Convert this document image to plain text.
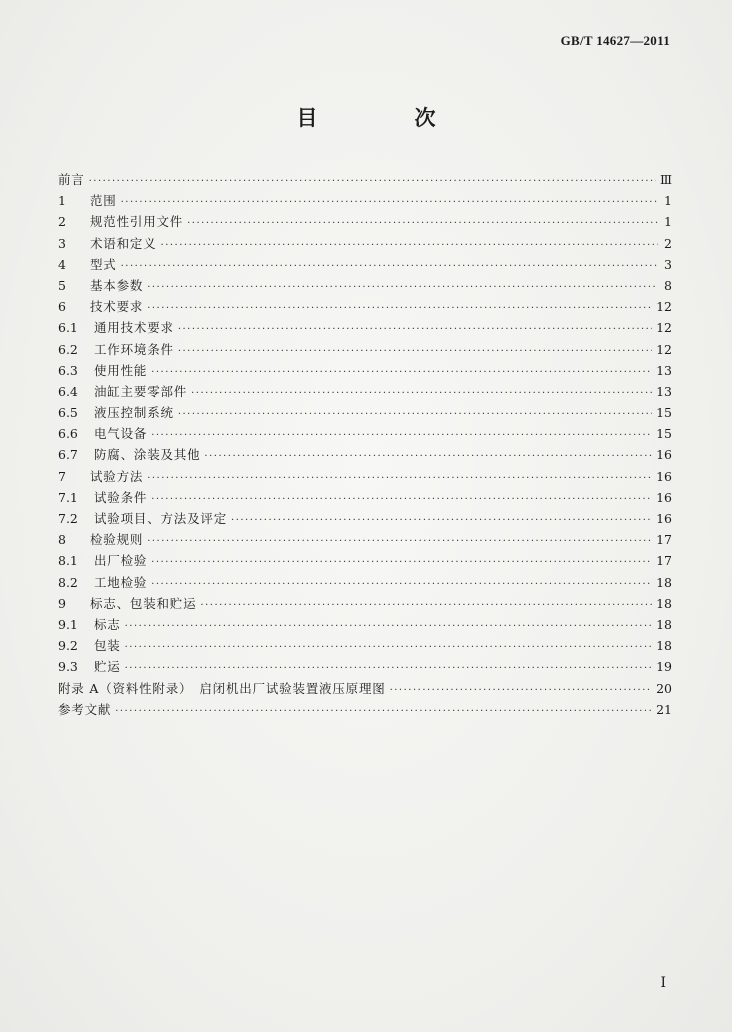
GB/T 14627—2011
目　次
前言 ·····	Ⅲ
1	范围 ·····	1
2	规范性引用文件 ·····	1
3	术语和定义 ·····	2
4	型式 ·····	3
5	基本参数 ·····	8
6	技术要求 ·····	12
6.1	通用技术要求 ·····	12
6.2	工作环境条件 ·····	12
6.3	使用性能 ·····	13
6.4	油缸主要零部件 ·····	13
6.5	液压控制系统 ·····	15
6.6	电气设备 ·····	15
6.7	防腐、涂装及其他 ·····	16
7	试验方法 ·····	16
7.1	试验条件 ·····	16
7.2	试验项目、方法及评定 ·····	16
8	检验规则 ·····	17
8.1	出厂检验 ·····	17
8.2	工地检验 ·····	18
9	标志、包装和贮运 ·····	18
9.1	标志 ·····	18
9.2	包装 ·····	18
9.3	贮运 ·····	19
附录 A（资料性附录）　启闭机出厂试验装置液压原理图 ·····	20
参考文献 ·····	21
Ⅰ
